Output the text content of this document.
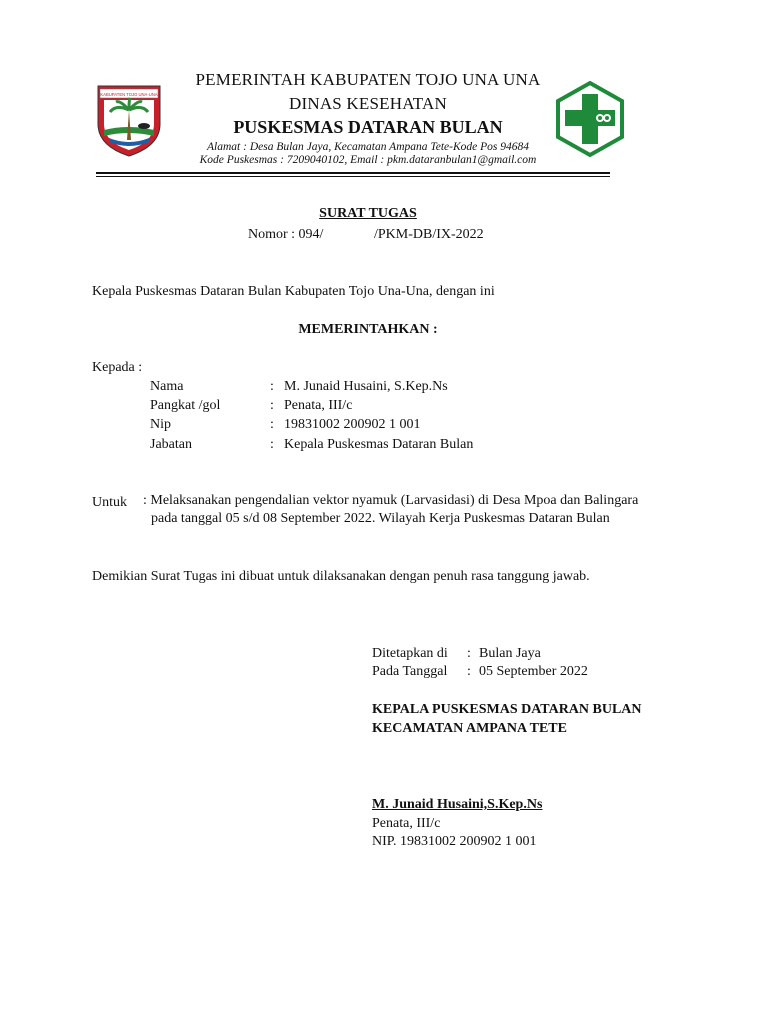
KABUPATEN TOJO UNA-UNA
PEMERINTAH KABUPATEN TOJO UNA UNA
DINAS KESEHATAN
PUSKESMAS DATARAN BULAN
Alamat : Desa Bulan Jaya, Kecamatan Ampana Tete-Kode Pos 94684
Kode Puskesmas : 7209040102, Email : pkm.dataranbulan1@gmail.com
SURAT TUGAS
Nomor : 094/	/PKM-DB/IX-2022
Kepala Puskesmas Dataran Bulan Kabupaten Tojo Una-Una, dengan ini
MEMERINTAHKAN :
Kepada :
Nama	: M. Junaid Husaini, S.Kep.Ns
Pangkat /gol	: Penata, III/c
Nip	: 19831002 200902 1 001
Jabatan	: Kepala Puskesmas Dataran Bulan
Untuk : Melaksanakan pengendalian vektor nyamuk (Larvasidasi) di Desa Mpoa dan Balingara
pada tanggal 05 s/d 08 September 2022. Wilayah Kerja Puskesmas Dataran Bulan
Demikian Surat Tugas ini dibuat untuk dilaksanakan dengan penuh rasa tanggung jawab.
Ditetapkan di : Bulan Jaya
Pada Tanggal : 05 September 2022
KEPALA PUSKESMAS DATARAN BULAN
KECAMATAN AMPANA TETE
M. Junaid Husaini,S.Kep.Ns
Penata, III/c
NIP. 19831002 200902 1 001
